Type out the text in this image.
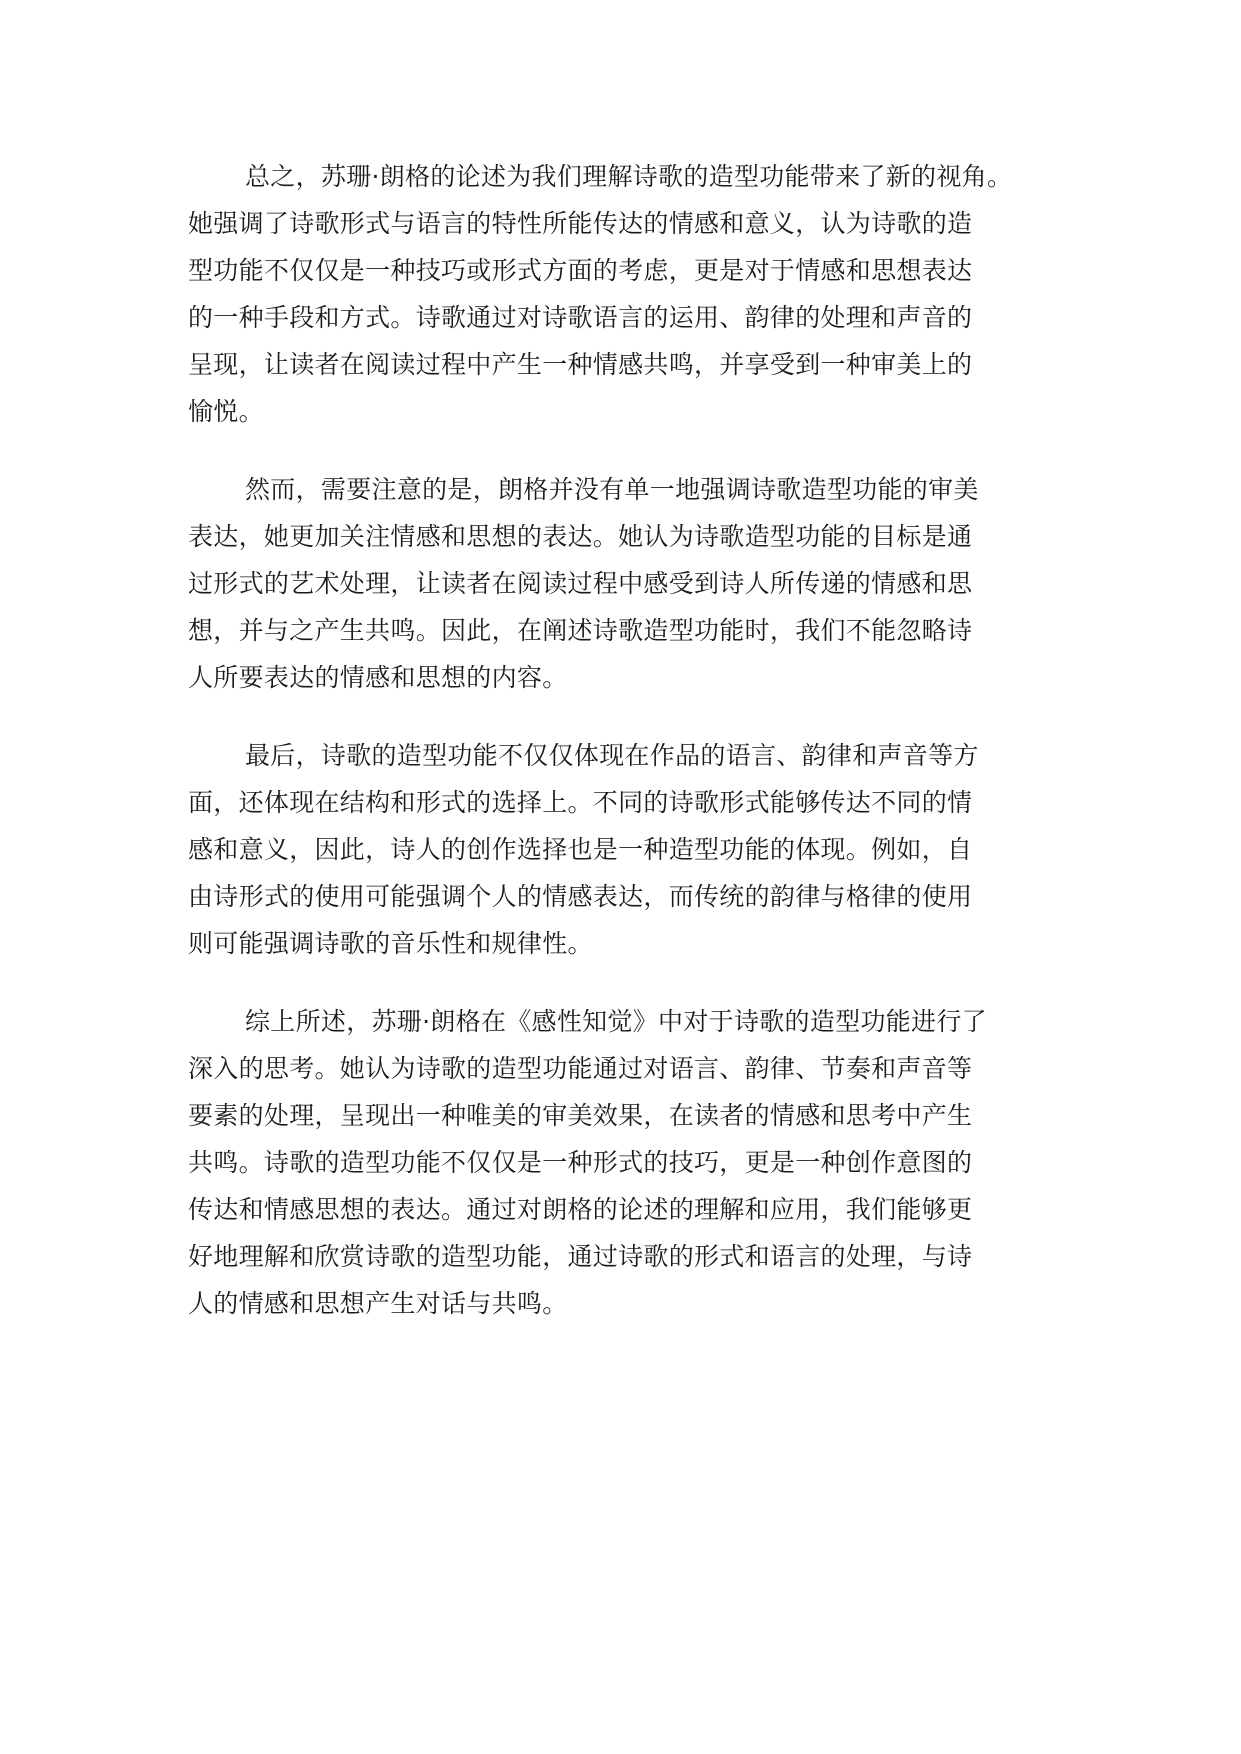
总之，苏珊·朗格的论述为我们理解诗歌的造型功能带来了新的视角。
她强调了诗歌形式与语言的特性所能传达的情感和意义，认为诗歌的造
型功能不仅仅是一种技巧或形式方面的考虑，更是对于情感和思想表达
的一种手段和方式。诗歌通过对诗歌语言的运用、韵律的处理和声音的
呈现，让读者在阅读过程中产生一种情感共鸣，并享受到一种审美上的
愉悦。

然而，需要注意的是，朗格并没有单一地强调诗歌造型功能的审美
表达，她更加关注情感和思想的表达。她认为诗歌造型功能的目标是通
过形式的艺术处理，让读者在阅读过程中感受到诗人所传递的情感和思
想，并与之产生共鸣。因此，在阐述诗歌造型功能时，我们不能忽略诗
人所要表达的情感和思想的内容。

最后，诗歌的造型功能不仅仅体现在作品的语言、韵律和声音等方
面，还体现在结构和形式的选择上。不同的诗歌形式能够传达不同的情
感和意义，因此，诗人的创作选择也是一种造型功能的体现。例如，自
由诗形式的使用可能强调个人的情感表达，而传统的韵律与格律的使用
则可能强调诗歌的音乐性和规律性。

综上所述，苏珊·朗格在《感性知觉》中对于诗歌的造型功能进行了
深入的思考。她认为诗歌的造型功能通过对语言、韵律、节奏和声音等
要素的处理，呈现出一种唯美的审美效果，在读者的情感和思考中产生
共鸣。诗歌的造型功能不仅仅是一种形式的技巧，更是一种创作意图的
传达和情感思想的表达。通过对朗格的论述的理解和应用，我们能够更
好地理解和欣赏诗歌的造型功能，通过诗歌的形式和语言的处理，与诗
人的情感和思想产生对话与共鸣。
